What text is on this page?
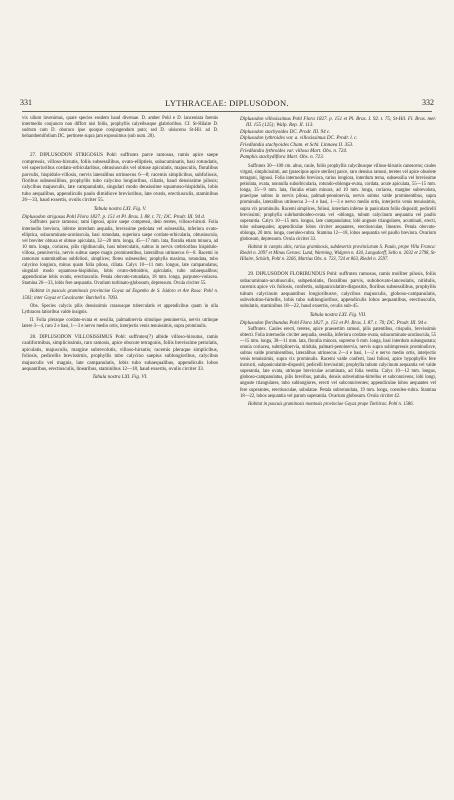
331	LYTHRACEAE: DIPLUSODON.	332

vix ullum invenimus, quare species eosdem haud diversae. D. amber Pohl e D. lanceolata foemis intermedio conjuncto non diffort nisi foliis, prophyllis calyeibusque glabrioribus. Cf. St-Hilaire D. sudrum cum D. oboraco ipse quoque conjungendum puto; sed D. ulsiscenu St-Hil. ad D. helianthemifolium DC. pertinere supra jam exposuimus (sub num. 20).

27. DIPLUSODON STRIGOSUS Pohl: suffrutex parce ramosus, ramis apice saepe compressis, villoso-hirsutis, foliis subsessilibus, ovato-elliptieis, subacuminatis, basi rotundatis, vel superioribus cordato-orbicularibus, obtusiusculis vel obtuse apiculatis, majusculis, floralibus parvulis, hispidulo-villosis, nervis lateralibus utrinsecus 6—8; racemis simplicibus, subfoliosis, floribus subsessilibus, prophyllis tubo calycino longioribus, ciliatis, haud densissime pilosis; calycibus majusculis, late campanulatis, singulari modo densissime squamoso-hispidulis, lobis tubo aequalibus, appendiculis paulo dimidiove brevioribus, late ovatis, erectiusculis, staminibus 26—33, haud exsertis, ovulis circiter 55.

Tabula nostra LXI. Fig. V.

Diplusodon strigosus Pohl Flora 1827. p. 151 et Pl. Bras. I. 88. t. 71; DC. Prodr. III. 94 d.

Suffrutex parce ramosus; rami lignosi, apice saepe compressi, dein teretes, villoso-hirsuti. Folia internodio breviora, inferne interdum aequalia, brevissime petiolata vel subsessilia, inferiora ovato-elliptica, subacuminato-acutiuscula, basi rotundata, superiora saepe cordato-orbicularia, obtusiuscula, vel breviter obtusa et obtuse apiculata, 32—20 mm. longa, 45—17 mm. lata, floralia etiam minora, ad 10 mm. longa, coriacea, pilis rigidiusculis, basi tuberculatis, subtus in nervis crebrioribus hispidulo-villosa, pennivervia, nervis subtus saepe magis prominentibus, lateralibus utrinsecus 6—8. Racemi in ramorum summitatibus subfoliosi, simplices; flores subsessiles; prophylla maxima, rotundata, tubo calycino longiora, minus quam folia pilosa, ciliata. Calyx 10—11 mm. longus, late campanulatus, singulari modo squamoso-hispidulus, lobis ovato-deltoideis, apiculatis, tubo subaequalibus; appendiculae lobis ovatis, erectiusculis. Petala obovato-rotundata, 18 mm. longa, purpureo-violacea. Stamina 26—33, lobis fere aequantia. Ovarium turbinato-globosum, depressum. Ovula circiter 55.

Habitat in pascuis graminosis provinciae Goyaz ad Engenho de S. Isidoro et Are Rosa: Pohl n. 1503; inter Goyaz et Cavalcante: Burchell n. 7093.

Obs. Species calycis pilis densissimis crassusque tuberculatis et appendicibus quam in ulla Lythracea latioribus valde insignis.

II. Folia pleraque cordato-ovata et sessilia, palmatinervia simulque penninervia, nervis utrinque latere 3—4, raro 2 e basi, 1—3 e nervo medio ortis, interjectis venis tenuissimis, supra prominulis.

28. DIPLUSODON VILLOSISSIMUS Pohl: suffrutex(?) albide villoso-hirsutus, ramis cauliformibus, simplicissimis, raro ramosis, apice obscure tetragonis, foliis brevissime petiolatis, apiculatis, majusculis, margine subrevolutis, villoso-hirsutis; racemis pleraque simplicibus, foliosis, pedicellis brevissimis, prophyllis tubo calycino saepius sublongioribus, calycibus majusculis vel magnis, late campanulatis, lobis tubo subaequalibus, appendiculis lobos aequantibus, erectiusculis, linearibus, staminibus 12—18, haud exsertis, ovulis circiter 33.

Tabula nostra LXI. Fig. VI.

Diplusodon villosissimus Pohl Flora 1827. p. 151 et Pl. Bras. I. 92. t. 75; St-Hil. Fl. Bras. mer. III. 155 (125); Walp. Rep. II. 113.

Diplusodon stachyoides DC. Prodr. III. 94 c.

Diplusodon lythroides var. a. villosissimus DC. Prodr. l. c.

Friedlandia stachyoides Cham. et Schl. Linnaea II. 353.

Friedlandia lythroides var. villosa Mart. Obs. n. 724.

Pamphis stachydiflora Mart. Obs. n. 723.

Suffrutex 30—100 cm. altus, caule, foliis prophyllis calycibusque villoso-hirsutis canescens; caules virgati, simplicissimi, aut (praecipue apice steriles) parce, raro densius ramosi, teretes vel apice obsolete tetragoni, lignosi. Folia internodio breviora, rarius longiora, interdum terna, subsessilia vel brevissime petiolata, ovata, nonnulla suborbicularia, rotundo-oblonga-ovata, cordata, acute apiculata, 55—15 mm. longa, 35—9 mm. lata, floralia etiam minora, ad 10 mm. longa, coriacea, margine subrevoluta, praecipue subtus in nervis pilosa, palmati-penninervia, nervis subtus valde prominentibus, supra prominulis, lateralibus utrinsecus 2—4 e basi, 1—3 e nervo medio ortis, interjectis venis tenuissimis, supra vix prominulis. Racemi simplices, foliosi, interdum inferne in paniculam foliis dispositi; pedicelli brevissimi; prophylla subrhomboideo-ovata vel -oblonga, tubum calycinum aequantia vel paullo superantia. Calyx 10—15 mm. longus, late campanulatus; lobi anguste triangulares, acuminati, erecti, tubo subaequales; appendiculae lobos circiter aequantes, erectiusculae, lineares. Petala obovato-oblonga, 20 mm. longa, coeruleo-rubra. Stamina 12—18, lobos aequantia vel paullo breviora. Ovarium globosum, depressum. Ovula circiter 33.

Habitat in campis altis, rarius graminosis, subdesertis provinciarum S. Paulo, prope Villa Franca: Riedel n. 2097 et Minas Geraes: Lund, Warming, Widgren n. 434, Langsdorff, Sello n. 2032 et 2798, St-Hilaire, Schüch, Pohl n. 3266, Martius Obs. n. 723, 724 et 863, Riedel n. 2597.

29. DIPLUSODON FLORIBUNDUS Pohl: suffrutex ramosus, ramis molliter pilosis, foliis subacuminato-acutiusculis, subpetiolatis, floralibus parvis, subobovato-lanceolatis, nitidulis, racemis apice vix foliosis, confertis, subpaniculatim-dispositis, floribus subsessilibus, prophyllis tubum calycinum aequantibus longioribusve, calycibus majusculis, globoso-campanulatis, subvelutino-hirtellis, lobis tubo sublongioribus, appendiculis lobos aequantibus, erectiusculis, subulatis, staminibus 18—22, haud exsertis, ovulis sub-45.

Tabula nostra LXI. Fig. VII.

Diplusodon floribundus Pohl Flora 1827. p. 151 et Pl. Bras. I. 87. t. 70; DC. Prodr. III. 94 e.

Suffrutex. Caules erecti, teretes, apice praesertim ramosi, pilis patentibus, crispulis, brevissimis obtecti. Folia internodio circiter aequalia, sessilia, inferiora cordato-ovata, subacuminato-acutiuscula, 55—15 mm. longa, 38—11 mm. lata, floralia minora, supremo 6 mm. longa, basi interdum subangustata; omnia coriacea, subtriplinervia, nitidula, palmati-penninervia, nervis supra subimpressis prominulisve, subtus valde prominentibus, lateralibus utrinsecus 2—4 e basi, 1—2 e nervo medio ortis, interjectis venis tenuissimis, supra vix prominulis. Racemi valde conferti, basi foliosi, apice hypophyllis fere instructi, subpaniculatim-dispositi; pedicelli brevissimi; prophylla tubum calycinum aequantia vel valde superantia, late ovata, utrinque breviculae acuminata, ad folia vestita. Calyx 10—12 mm. longus, globoso-campanulatus, pilis brevibus, patulis, densis subvelutino-hirtellus et subconnivens; lobi longi, anguste triangulares, tubo sublongiores, erecti vel subconniventes; appendiculae lobos aequantes vel fere superantes, erectiusculae, subulatae. Petala subrotundata, 19 mm. longa, coeruleo-rubra. Stamina 18—22, lobos aequantia vel parum superantia. Ovarium globosum. Ovula circiter 42.

Habitat in pascuis graminosis montosis provinciae Goyaz prope Tavhiras: Pohl n. 1586.
